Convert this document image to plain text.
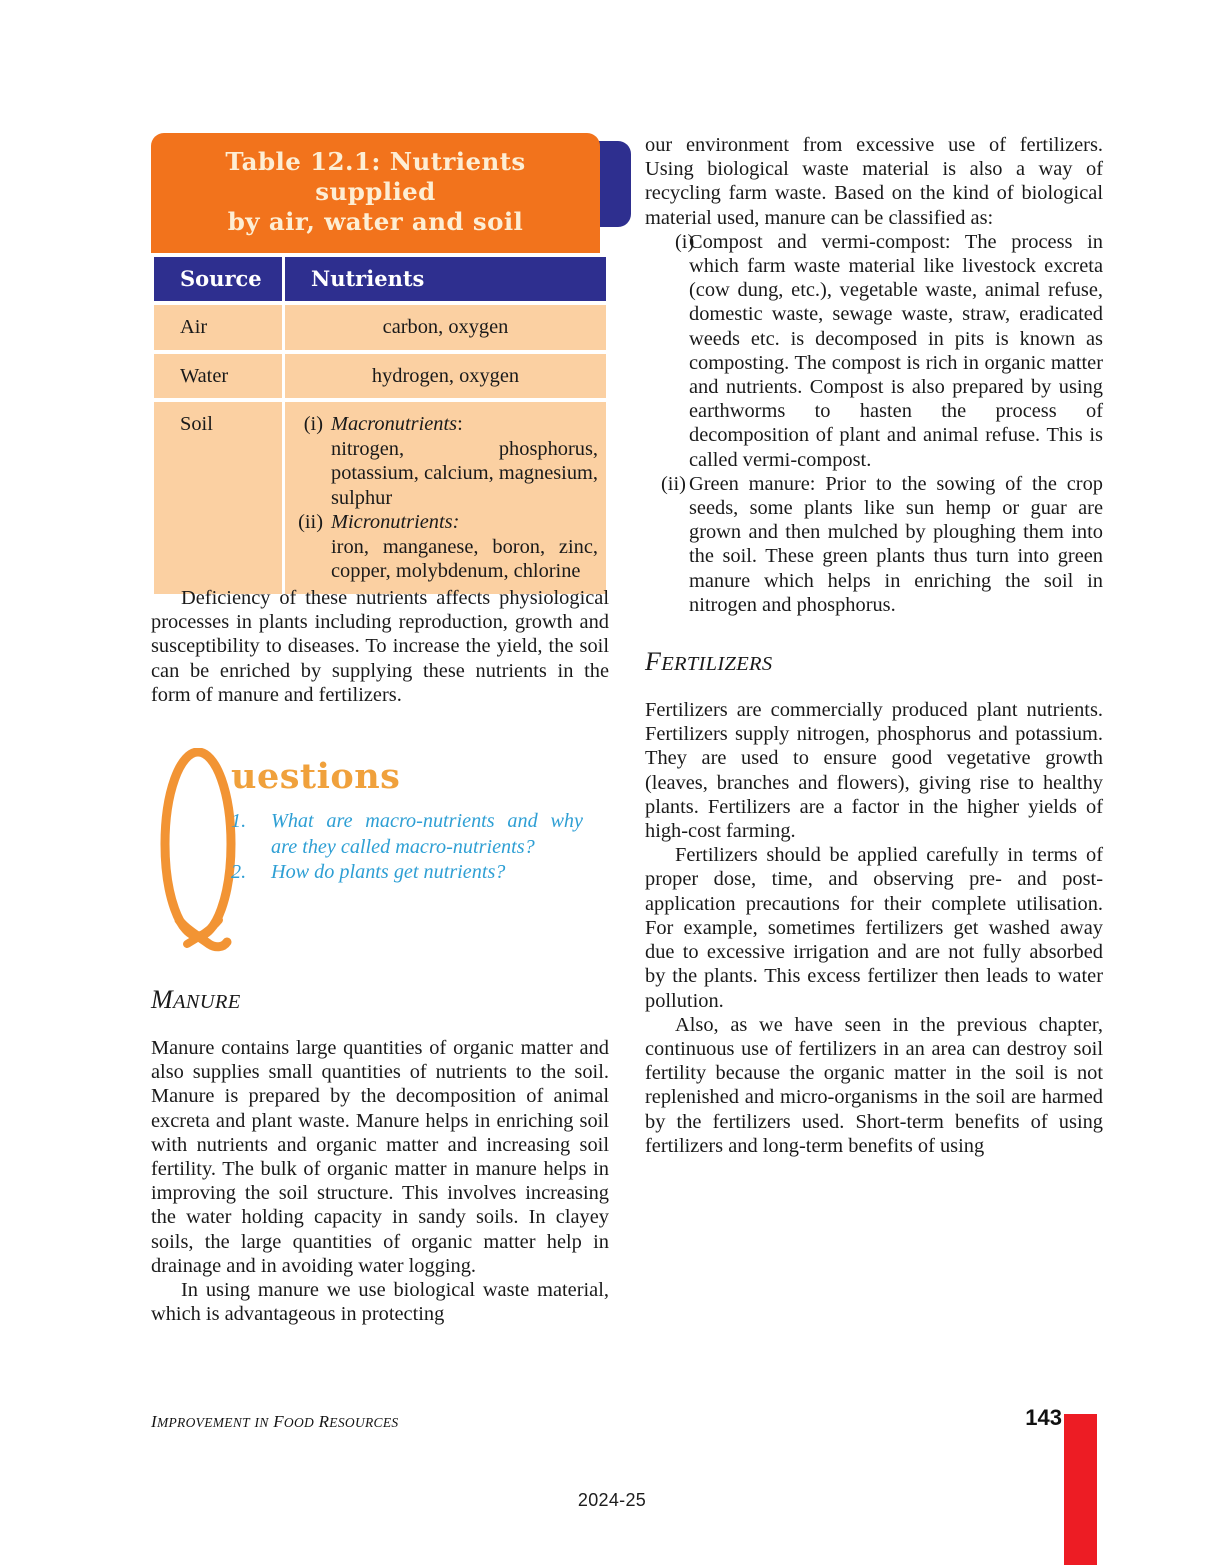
Table 12.1: Nutrients supplied
by air, water and soil
Source	Nutrients
Air	carbon, oxygen
Water	hydrogen, oxygen
Soil	(i) Macronutrients:
nitrogen, phosphorus, potassium, calcium, magnesium, sulphur
(ii) Micronutrients:
iron, manganese, boron, zinc, copper, molybdenum, chlorine

Deficiency of these nutrients affects physiological processes in plants including reproduction, growth and susceptibility to diseases. To increase the yield, the soil can be enriched by supplying these nutrients in the form of manure and fertilizers.

uestions
1.	What are macro-nutrients and why are they called macro-nutrients?
2.	How do plants get nutrients?
MANURE

Manure contains large quantities of organic matter and also supplies small quantities of nutrients to the soil. Manure is prepared by the decomposition of animal excreta and plant waste. Manure helps in enriching soil with nutrients and organic matter and increasing soil fertility. The bulk of organic matter in manure helps in improving the soil structure. This involves increasing the water holding capacity in sandy soils. In clayey soils, the large quantities of organic matter help in drainage and in avoiding water logging.

In using manure we use biological waste material, which is advantageous in protecting

our environment from excessive use of fertilizers. Using biological waste material is also a way of recycling farm waste. Based on the kind of biological material used, manure can be classified as:

(i)
Compost and vermi-compost: The process in which farm waste material like livestock excreta (cow dung, etc.), vegetable waste, animal refuse, domestic waste, sewage waste, straw, eradicated weeds etc. is decomposed in pits is known as composting. The compost is rich in organic matter and nutrients. Compost is also prepared by using earthworms to hasten the process of decomposition of plant and animal refuse. This is called vermi-compost.
(ii) Green manure: Prior to the sowing of the crop seeds, some plants like sun hemp or guar are grown and then mulched by ploughing them into the soil. These green plants thus turn into green manure which helps in enriching the soil in nitrogen and phosphorus.
FERTILIZERS

Fertilizers are commercially produced plant nutrients. Fertilizers supply nitrogen, phosphorus and potassium. They are used to ensure good vegetative growth (leaves, branches and flowers), giving rise to healthy plants. Fertilizers are a factor in the higher yields of high-cost farming.

Fertilizers should be applied carefully in terms of proper dose, time, and observing pre- and post-application precautions for their complete utilisation. For example, sometimes fertilizers get washed away due to excessive irrigation and are not fully absorbed by the plants. This excess fertilizer then leads to water pollution.

Also, as we have seen in the previous chapter, continuous use of fertilizers in an area can destroy soil fertility because the organic matter in the soil is not replenished and micro-organisms in the soil are harmed by the fertilizers used. Short-term benefits of using fertilizers and long-term benefits of using

IMPROVEMENT IN FOOD RESOURCES	143
2024-25
